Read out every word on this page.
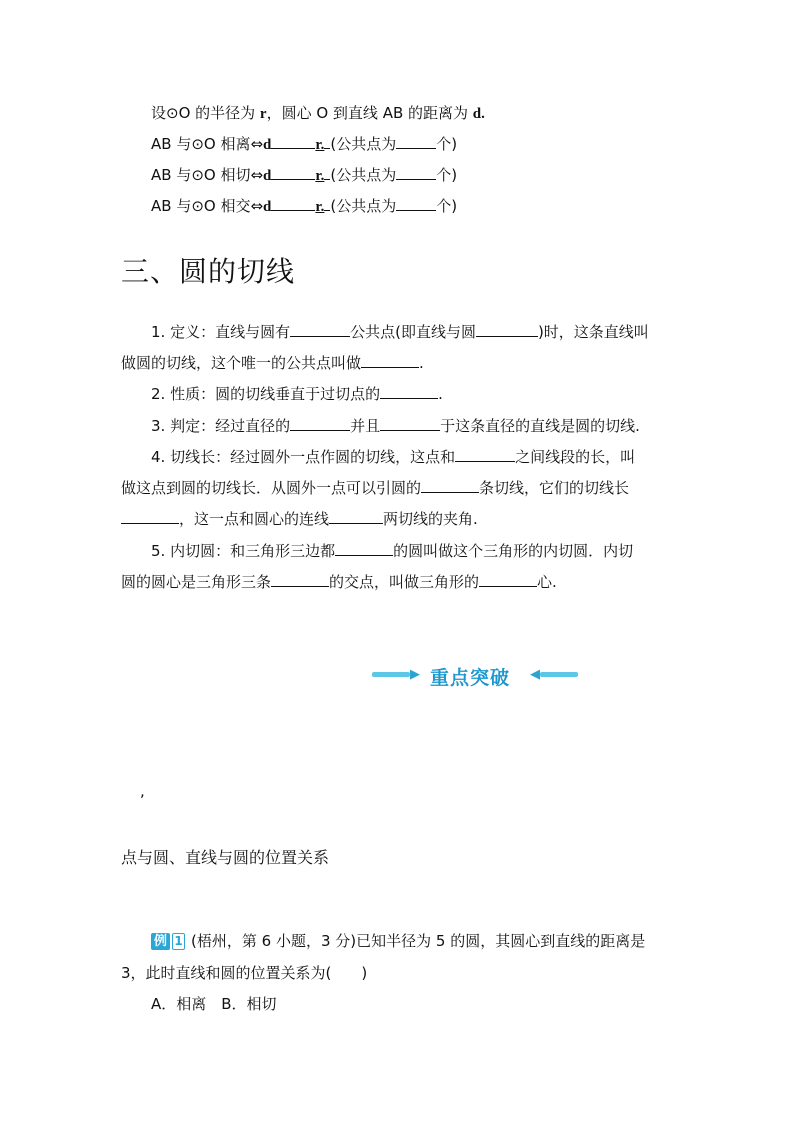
设⊙O 的半径为 r，圆心 O 到直线 AB 的距离为 d.
AB 与⊙O 相离⇔d	r. (公共点为	个)
AB 与⊙O 相切⇔d	r. (公共点为	个)
AB 与⊙O 相交⇔d	r. (公共点为	个)
三、圆的切线
1. 定义：直线与圆有	公共点(即直线与圆	)时，这条直线叫
做圆的切线，这个唯一的公共点叫做	.
2. 性质：圆的切线垂直于过切点的	.
3. 判定：经过直径的	并且	于这条直径的直线是圆的切线.
4. 切线长：经过圆外一点作圆的切线，这点和	之间线段的长，叫
做这点到圆的切线长．从圆外一点可以引圆的	条切线，它们的切线长
，这一点和圆心的连线	两切线的夹角.
5. 内切圆：和三角形三边都	的圆叫做这个三角形的内切圆．内切
圆的圆心是三角形三条	的交点，叫做三角形的	心.
▶ 重点突破 ◀
,
点与圆、直线与圆的位置关系
例 1 (梧州，第 6 小题，3 分)已知半径为 5 的圆，其圆心到直线的距离是
3，此时直线和圆的位置关系为(　　)
A．相离　B．相切
